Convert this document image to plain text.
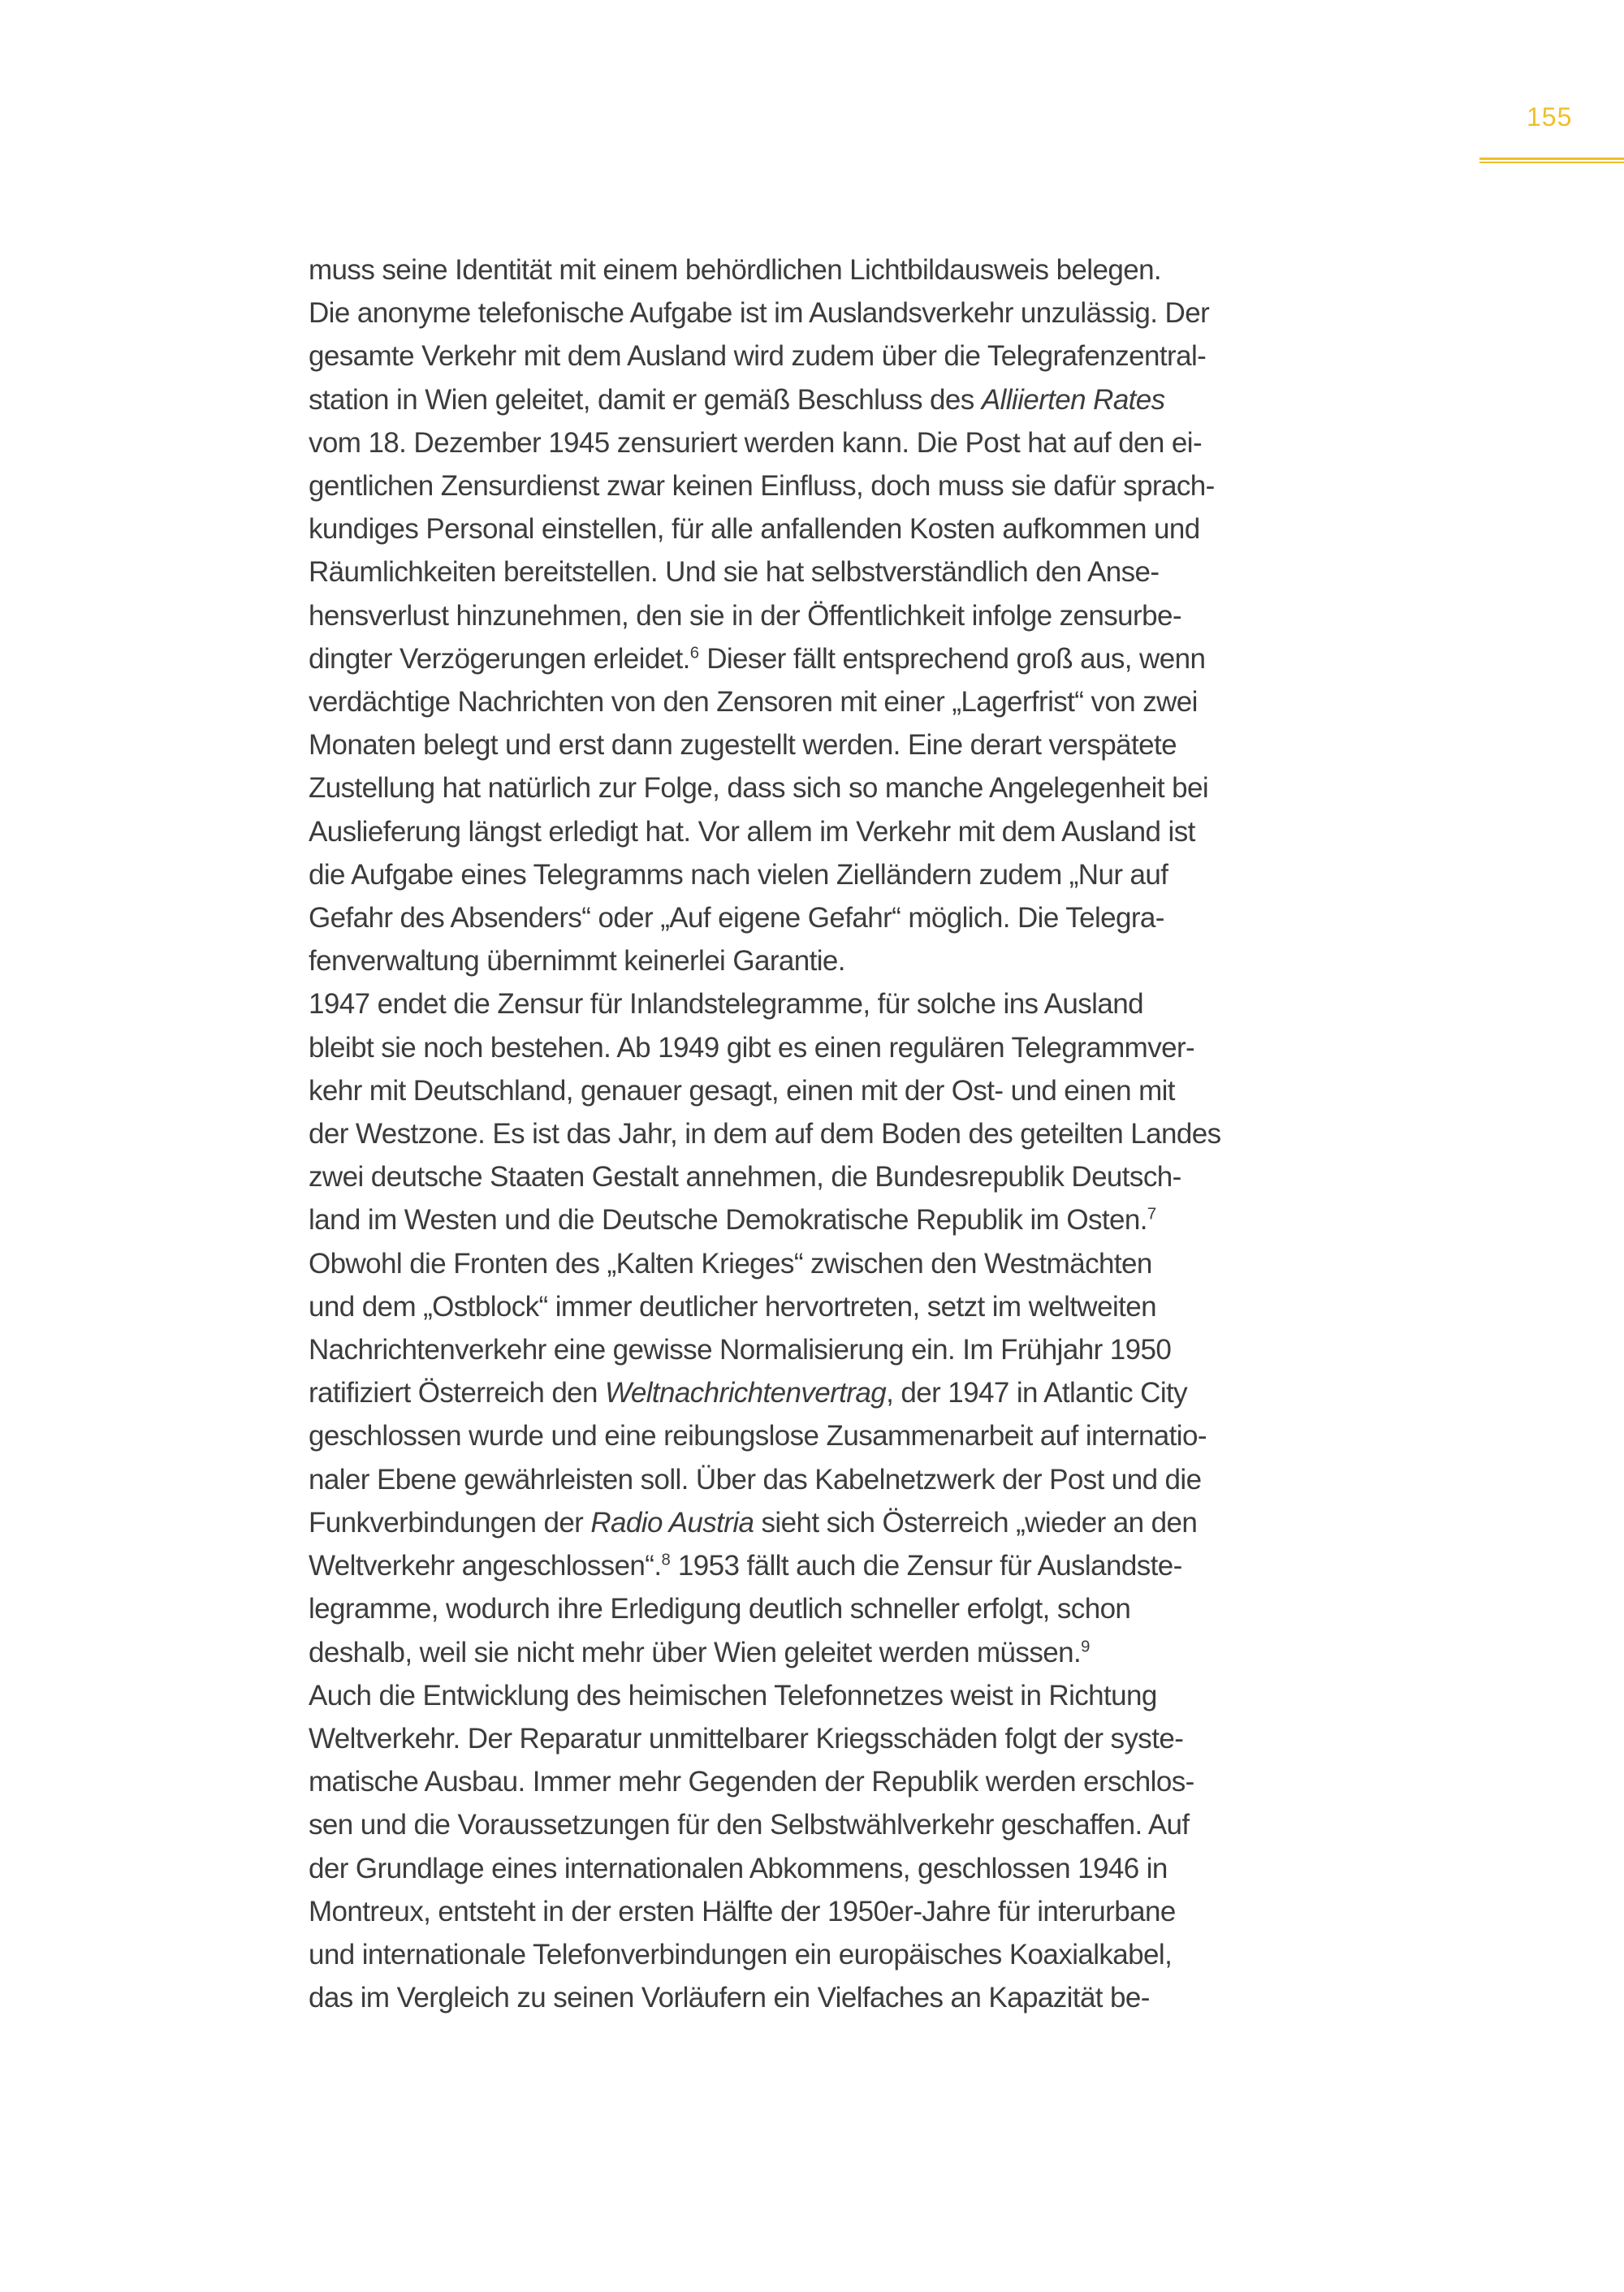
155
muss seine Identität mit einem behördlichen Lichtbildausweis belegen.
Die anonyme telefonische Aufgabe ist im Auslandsverkehr unzulässig. Der
gesamte Verkehr mit dem Ausland wird zudem über die Telegrafenzentral-
station in Wien geleitet, damit er gemäß Beschluss des Alliierten Rates
vom 18. Dezember 1945 zensuriert werden kann. Die Post hat auf den ei-
gentlichen Zensurdienst zwar keinen Einfluss, doch muss sie dafür sprach-
kundiges Personal einstellen, für alle anfallenden Kosten aufkommen und
Räumlichkeiten bereitstellen. Und sie hat selbstverständlich den Anse-
hensverlust hinzunehmen, den sie in der Öffentlichkeit infolge zensurbe-
dingter Verzögerungen erleidet.$^6$ Dieser fällt entsprechend groß aus, wenn
verdächtige Nachrichten von den Zensoren mit einer „Lagerfrist“ von zwei
Monaten belegt und erst dann zugestellt werden. Eine derart verspätete
Zustellung hat natürlich zur Folge, dass sich so manche Angelegenheit bei
Auslieferung längst erledigt hat. Vor allem im Verkehr mit dem Ausland ist
die Aufgabe eines Telegramms nach vielen Zielländern zudem „Nur auf
Gefahr des Absenders“ oder „Auf eigene Gefahr“ möglich. Die Telegra-
fenverwaltung übernimmt keinerlei Garantie.
1947 endet die Zensur für Inlandstelegramme, für solche ins Ausland
bleibt sie noch bestehen. Ab 1949 gibt es einen regulären Telegrammver-
kehr mit Deutschland, genauer gesagt, einen mit der Ost- und einen mit
der Westzone. Es ist das Jahr, in dem auf dem Boden des geteilten Landes
zwei deutsche Staaten Gestalt annehmen, die Bundesrepublik Deutsch-
land im Westen und die Deutsche Demokratische Republik im Osten.$^7$
Obwohl die Fronten des „Kalten Krieges“ zwischen den Westmächten
und dem „Ostblock“ immer deutlicher hervortreten, setzt im weltweiten
Nachrichtenverkehr eine gewisse Normalisierung ein. Im Frühjahr 1950
ratifiziert Österreich den Weltnachrichtenvertrag, der 1947 in Atlantic City
geschlossen wurde und eine reibungslose Zusammenarbeit auf internatio-
naler Ebene gewährleisten soll. Über das Kabelnetzwerk der Post und die
Funkverbindungen der Radio Austria sieht sich Österreich „wieder an den
Weltverkehr angeschlossen“.$^8$ 1953 fällt auch die Zensur für Auslandste-
legramme, wodurch ihre Erledigung deutlich schneller erfolgt, schon
deshalb, weil sie nicht mehr über Wien geleitet werden müssen.$^9$
Auch die Entwicklung des heimischen Telefonnetzes weist in Richtung
Weltverkehr. Der Reparatur unmittelbarer Kriegsschäden folgt der syste-
matische Ausbau. Immer mehr Gegenden der Republik werden erschlos-
sen und die Voraussetzungen für den Selbstwählverkehr geschaffen. Auf
der Grundlage eines internationalen Abkommens, geschlossen 1946 in
Montreux, entsteht in der ersten Hälfte der 1950er-Jahre für interurbane
und internationale Telefonverbindungen ein europäisches Koaxialkabel,
das im Vergleich zu seinen Vorläufern ein Vielfaches an Kapazität be-
